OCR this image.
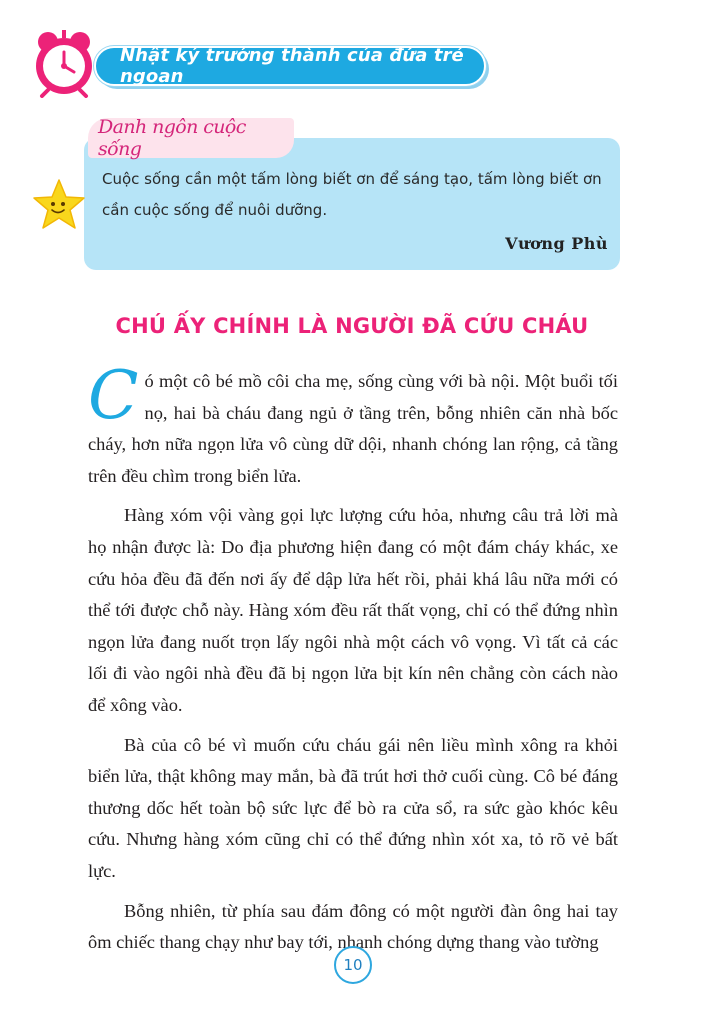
Nhật ký trưởng thành của đứa trẻ ngoan
Danh ngôn cuộc sống
Cuộc sống cần một tấm lòng biết ơn để sáng tạo, tấm lòng biết ơn cần cuộc sống để nuôi dưỡng.
Vương Phù
CHÚ ẤY CHÍNH LÀ NGƯỜI ĐÃ CỨU CHÁU

Có một cô bé mồ côi cha mẹ, sống cùng với bà nội. Một buổi tối nọ, hai bà cháu đang ngủ ở tầng trên, bỗng nhiên căn nhà bốc cháy, hơn nữa ngọn lửa vô cùng dữ dội, nhanh chóng lan rộng, cả tầng trên đều chìm trong biển lửa.

Hàng xóm vội vàng gọi lực lượng cứu hỏa, nhưng câu trả lời mà họ nhận được là: Do địa phương hiện đang có một đám cháy khác, xe cứu hỏa đều đã đến nơi ấy để dập lửa hết rồi, phải khá lâu nữa mới có thể tới được chỗ này. Hàng xóm đều rất thất vọng, chỉ có thể đứng nhìn ngọn lửa đang nuốt trọn lấy ngôi nhà một cách vô vọng. Vì tất cả các lối đi vào ngôi nhà đều đã bị ngọn lửa bịt kín nên chẳng còn cách nào để xông vào.

Bà của cô bé vì muốn cứu cháu gái nên liều mình xông ra khỏi biển lửa, thật không may mắn, bà đã trút hơi thở cuối cùng. Cô bé đáng thương dốc hết toàn bộ sức lực để bò ra cửa sổ, ra sức gào khóc kêu cứu. Nhưng hàng xóm cũng chỉ có thể đứng nhìn xót xa, tỏ rõ vẻ bất lực.

Bỗng nhiên, từ phía sau đám đông có một người đàn ông hai tay ôm chiếc thang chạy như bay tới, nhanh chóng dựng thang vào tường

10
